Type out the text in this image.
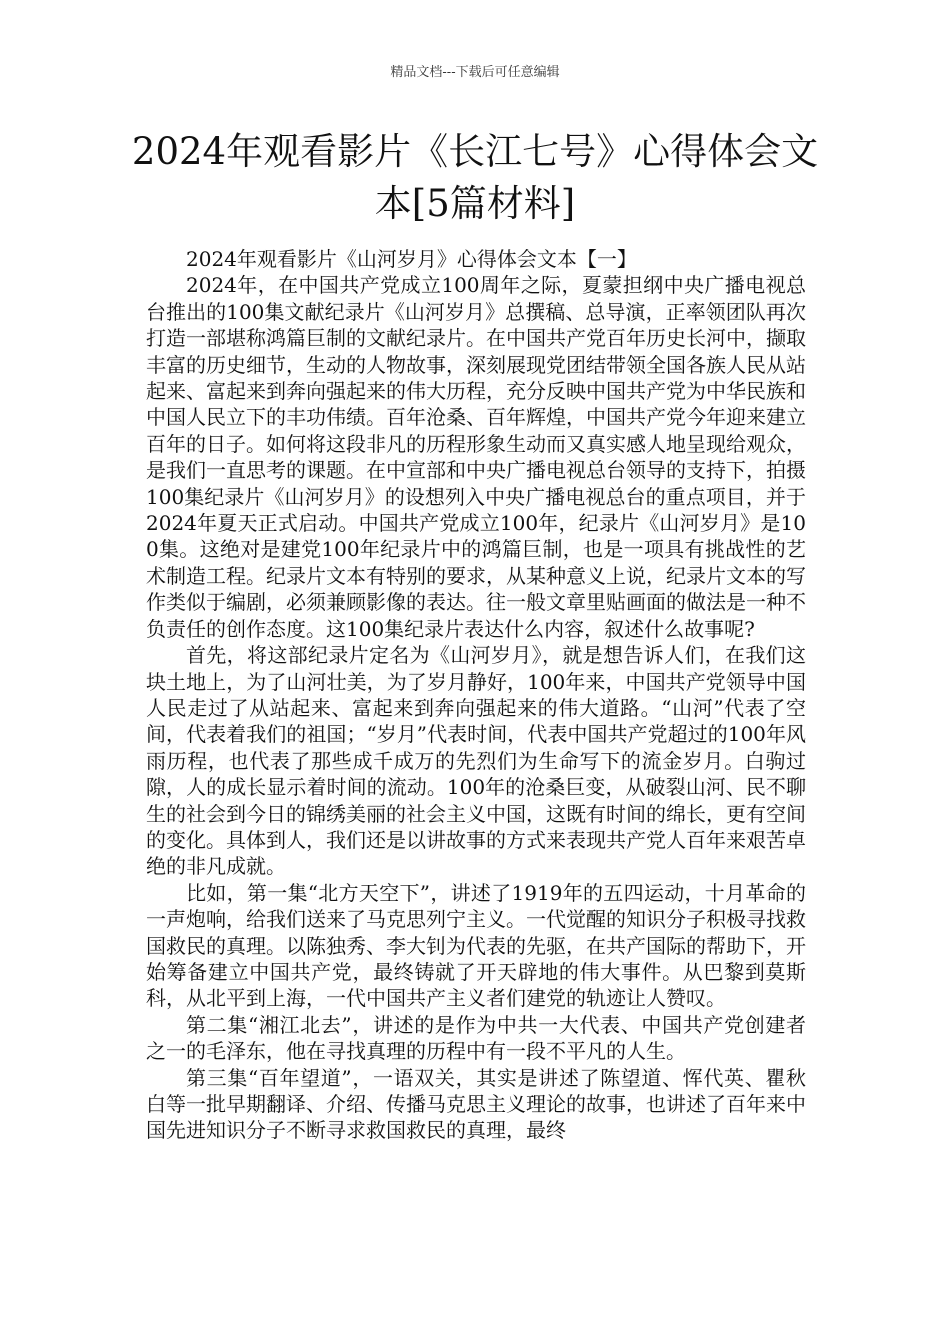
精品文档---下载后可任意编辑
2024年观看影片《长江七号》心得体会文本[5篇材料]

2024年观看影片《山河岁月》心得体会文本【一】

2024年，在中国共产党成立100周年之际，夏蒙担纲中央广播电视总台推出的100集文献纪录片《山河岁月》总撰稿、总导演，正率领团队再次打造一部堪称鸿篇巨制的文献纪录片。在中国共产党百年历史长河中，撷取丰富的历史细节，生动的人物故事，深刻展现党团结带领全国各族人民从站起来、富起来到奔向强起来的伟大历程，充分反映中国共产党为中华民族和中国人民立下的丰功伟绩。百年沧桑、百年辉煌，中国共产党今年迎来建立百年的日子。如何将这段非凡的历程形象生动而又真实感人地呈现给观众，是我们一直思考的课题。在中宣部和中央广播电视总台领导的支持下，拍摄100集纪录片《山河岁月》的设想列入中央广播电视总台的重点项目，并于2024年夏天正式启动。中国共产党成立100年，纪录片《山河岁月》是100集。这绝对是建党100年纪录片中的鸿篇巨制，也是一项具有挑战性的艺术制造工程。纪录片文本有特别的要求，从某种意义上说，纪录片文本的写作类似于编剧，必须兼顾影像的表达。往一般文章里贴画面的做法是一种不负责任的创作态度。这100集纪录片表达什么内容，叙述什么故事呢?

首先，将这部纪录片定名为《山河岁月》，就是想告诉人们，在我们这块土地上，为了山河壮美，为了岁月静好，100年来，中国共产党领导中国人民走过了从站起来、富起来到奔向强起来的伟大道路。“山河”代表了空间，代表着我们的祖国；“岁月”代表时间，代表中国共产党超过的100年风雨历程，也代表了那些成千成万的先烈们为生命写下的流金岁月。白驹过隙，人的成长显示着时间的流动。100年的沧桑巨变，从破裂山河、民不聊生的社会到今日的锦绣美丽的社会主义中国，这既有时间的绵长，更有空间的变化。具体到人，我们还是以讲故事的方式来表现共产党人百年来艰苦卓绝的非凡成就。

比如，第一集“北方天空下”，讲述了1919年的五四运动，十月革命的一声炮响，给我们送来了马克思列宁主义。一代觉醒的知识分子积极寻找救国救民的真理。以陈独秀、李大钊为代表的先驱，在共产国际的帮助下，开始筹备建立中国共产党，最终铸就了开天辟地的伟大事件。从巴黎到莫斯科，从北平到上海，一代中国共产主义者们建党的轨迹让人赞叹。

第二集“湘江北去”，讲述的是作为中共一大代表、中国共产党创建者之一的毛泽东，他在寻找真理的历程中有一段不平凡的人生。

第三集“百年望道”，一语双关，其实是讲述了陈望道、恽代英、瞿秋白等一批早期翻译、介绍、传播马克思主义理论的故事，也讲述了百年来中国先进知识分子不断寻求救国救民的真理，最终
